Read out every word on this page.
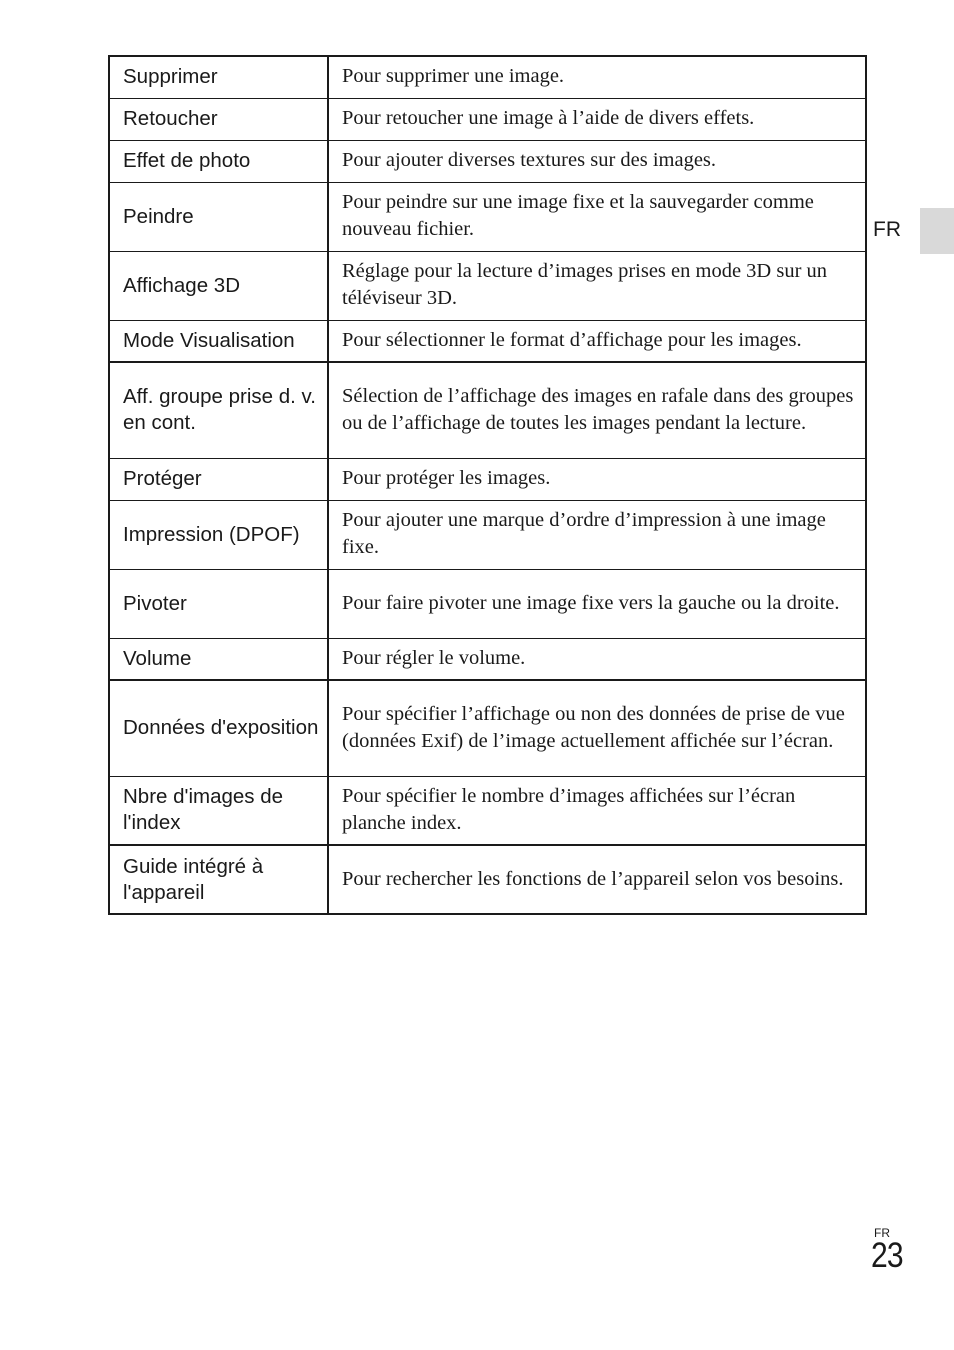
FR
Supprimer	Pour supprimer une image.
Retoucher	Pour retoucher une image à l’aide de divers effets.
Effet de photo	Pour ajouter diverses textures sur des images.
Peindre	Pour peindre sur une image fixe et la sauvegarder comme nouveau fichier.
Affichage 3D	Réglage pour la lecture d’images prises en mode 3D sur un téléviseur 3D.
Mode Visualisation	Pour sélectionner le format d’affichage pour les images.
Aff. groupe prise d. v. en cont.	Sélection de l’affichage des images en rafale dans des groupes ou de l’affichage de toutes les images pendant la lecture.
Protéger	Pour protéger les images.
Impression (DPOF)	Pour ajouter une marque d’ordre d’impression à une image fixe.
Pivoter	Pour faire pivoter une image fixe vers la gauche ou la droite.
Volume	Pour régler le volume.
Données d'exposition	Pour spécifier l’affichage ou non des données de prise de vue (données Exif) de l’image actuellement affichée sur l’écran.
Nbre d'images de l'index	Pour spécifier le nombre d’images affichées sur l’écran planche index.
Guide intégré à l'appareil	Pour rechercher les fonctions de l’appareil selon vos besoins.
FR
23
